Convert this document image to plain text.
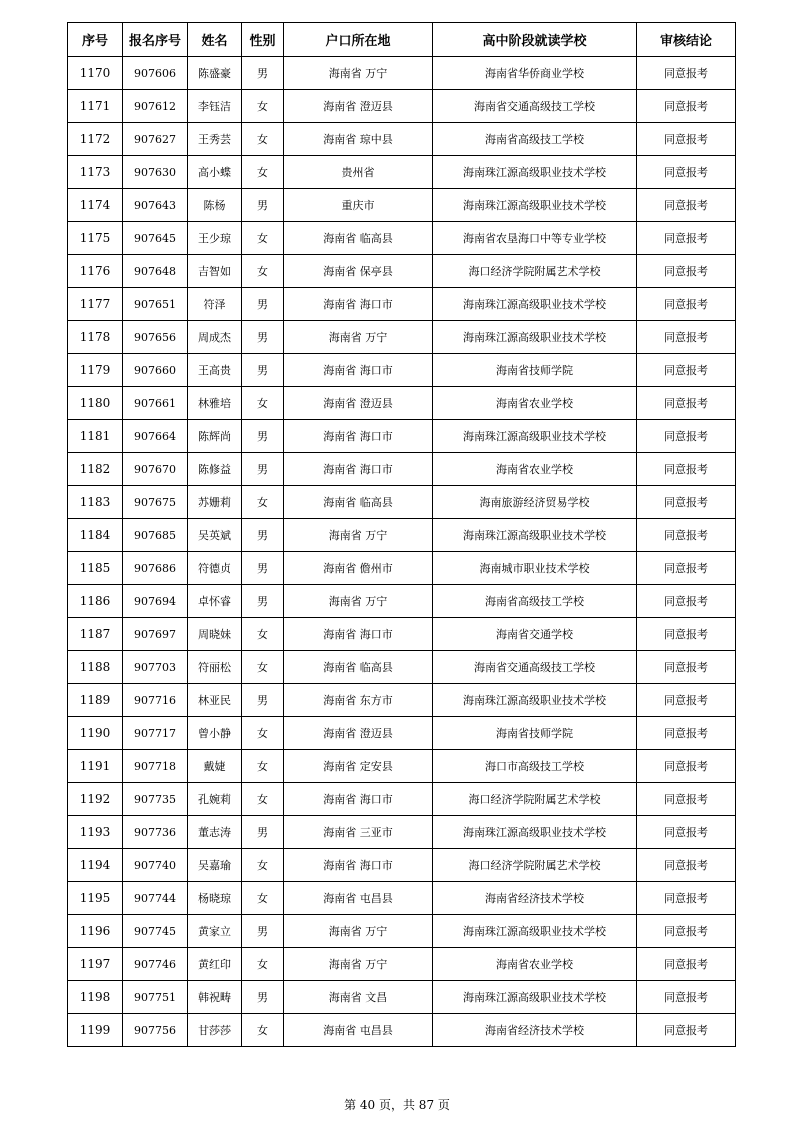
序号	报名序号	姓名	性别	户口所在地	高中阶段就读学校	审核结论
1170	907606	陈盛豪	男	海南省 万宁	海南省华侨商业学校	同意报考
1171	907612	李钰洁	女	海南省 澄迈县	海南省交通高级技工学校	同意报考
1172	907627	王秀芸	女	海南省 琼中县	海南省高级技工学校	同意报考
1173	907630	高小蝶	女	贵州省	海南珠江源高级职业技术学校	同意报考
1174	907643	陈杨	男	重庆市	海南珠江源高级职业技术学校	同意报考
1175	907645	王少琼	女	海南省 临高县	海南省农垦海口中等专业学校	同意报考
1176	907648	吉智如	女	海南省 保亭县	海口经济学院附属艺术学校	同意报考
1177	907651	符泽	男	海南省 海口市	海南珠江源高级职业技术学校	同意报考
1178	907656	周成杰	男	海南省 万宁	海南珠江源高级职业技术学校	同意报考
1179	907660	王高贵	男	海南省 海口市	海南省技师学院	同意报考
1180	907661	林雅培	女	海南省 澄迈县	海南省农业学校	同意报考
1181	907664	陈辉尚	男	海南省 海口市	海南珠江源高级职业技术学校	同意报考
1182	907670	陈修益	男	海南省 海口市	海南省农业学校	同意报考
1183	907675	苏姗莉	女	海南省 临高县	海南旅游经济贸易学校	同意报考
1184	907685	吴英斌	男	海南省 万宁	海南珠江源高级职业技术学校	同意报考
1185	907686	符德贞	男	海南省 儋州市	海南城市职业技术学校	同意报考
1186	907694	卓怀睿	男	海南省 万宁	海南省高级技工学校	同意报考
1187	907697	周晓妹	女	海南省 海口市	海南省交通学校	同意报考
1188	907703	符丽松	女	海南省 临高县	海南省交通高级技工学校	同意报考
1189	907716	林亚民	男	海南省 东方市	海南珠江源高级职业技术学校	同意报考
1190	907717	曾小静	女	海南省 澄迈县	海南省技师学院	同意报考
1191	907718	戴婕	女	海南省 定安县	海口市高级技工学校	同意报考
1192	907735	孔婉莉	女	海南省 海口市	海口经济学院附属艺术学校	同意报考
1193	907736	董志涛	男	海南省 三亚市	海南珠江源高级职业技术学校	同意报考
1194	907740	吴嘉瑜	女	海南省 海口市	海口经济学院附属艺术学校	同意报考
1195	907744	杨晓琼	女	海南省 屯昌县	海南省经济技术学校	同意报考
1196	907745	黄家立	男	海南省 万宁	海南珠江源高级职业技术学校	同意报考
1197	907746	黄红印	女	海南省 万宁	海南省农业学校	同意报考
1198	907751	韩祝畴	男	海南省 文昌	海南珠江源高级职业技术学校	同意报考
1199	907756	甘莎莎	女	海南省 屯昌县	海南省经济技术学校	同意报考
第 40 页，共 87 页
